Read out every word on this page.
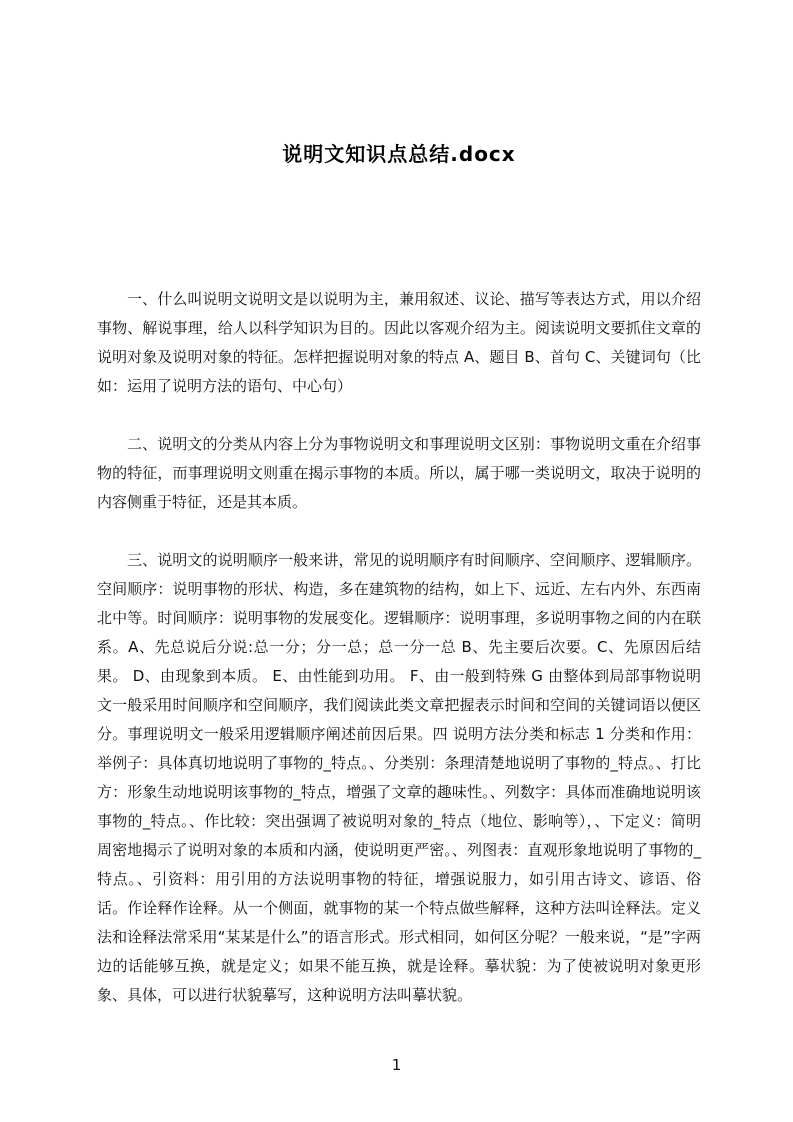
说明文知识点总结.docx

一、什么叫说明文说明文是以说明为主，兼用叙述、议论、描写等表达方式，用以介绍事物、解说事理，给人以科学知识为目的。因此以客观介绍为主。阅读说明文要抓住文章的说明对象及说明对象的特征。怎样把握说明对象的特点 A、题目 B、首句 C、关键词句（比如：运用了说明方法的语句、中心句）

二、说明文的分类从内容上分为事物说明文和事理说明文区别：事物说明文重在介绍事物的特征，而事理说明文则重在揭示事物的本质。所以，属于哪一类说明文，取决于说明的内容侧重于特征，还是其本质。

三、说明文的说明顺序一般来讲，常见的说明顺序有时间顺序、空间顺序、逻辑顺序。空间顺序：说明事物的形状、构造，多在建筑物的结构，如上下、远近、左右内外、东西南北中等。时间顺序：说明事物的发展变化。逻辑顺序：说明事理，多说明事物之间的内在联系。A、先总说后分说:总一分；分一总；总一分一总 B、先主要后次要。C、先原因后结果。 D、由现象到本质。 E、由性能到功用。 F、由一般到特殊 G 由整体到局部事物说明文一般采用时间顺序和空间顺序，我们阅读此类文章把握表示时间和空间的关键词语以便区分。事理说明文一般采用逻辑顺序阐述前因后果。四 说明方法分类和标志 1 分类和作用：举例子：具体真切地说明了事物的_特点。、分类别：条理清楚地说明了事物的_特点。、打比方：形象生动地说明该事物的_特点，增强了文章的趣味性。、列数字：具体而准确地说明该事物的_特点。、作比较：突出强调了被说明对象的_特点（地位、影响等），、下定义：简明周密地揭示了说明对象的本质和内涵，使说明更严密。、列图表：直观形象地说明了事物的_特点。、引资料：用引用的方法说明事物的特征，增强说服力，如引用古诗文、谚语、俗话。作诠释作诠释。从一个侧面，就事物的某一个特点做些解释，这种方法叫诠释法。定义法和诠释法常采用“某某是什么”的语言形式。形式相同，如何区分呢？一般来说，“是”字两边的话能够互换，就是定义；如果不能互换，就是诠释。摹状貌：为了使被说明对象更形象、具体，可以进行状貌摹写，这种说明方法叫摹状貌。

1
